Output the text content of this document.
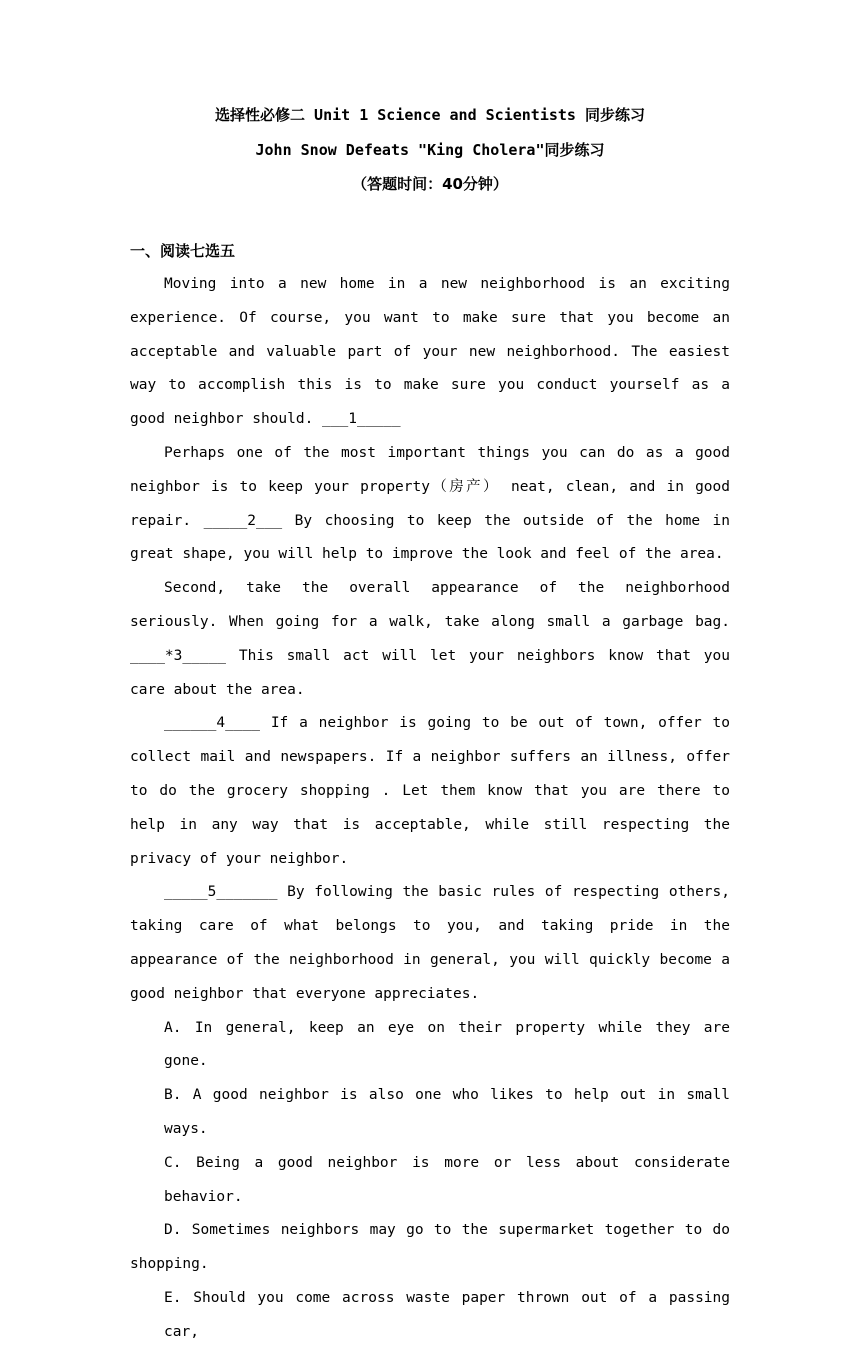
选择性必修二 Unit 1 Science and Scientists 同步练习
John Snow Defeats "King Cholera"同步练习
（答题时间：40分钟）
一、阅读七选五

Moving into a new home in a new neighborhood is an exciting experience. Of course, you want to make sure that you become an acceptable and valuable part of your new neighborhood. The easiest way to accomplish this is to make sure you conduct yourself as a good neighbor should. ___1_____

Perhaps one of the most important things you can do as a good neighbor is to keep your property（房产） neat, clean, and in good repair. _____2___ By choosing to keep the outside of the home in great shape, you will help to improve the look and feel of the area.

Second, take the overall appearance of the neighborhood seriously. When going for a walk, take along small a garbage bag. ____*3_____ This small act will let your neighbors know that you care about the area.

______4____ If a neighbor is going to be out of town, offer to collect mail and newspapers. If a neighbor suffers an illness, offer to do the grocery shopping . Let them know that you are there to help in any way that is acceptable, while still respecting the privacy of your neighbor.

_____5_______ By following the basic rules of respecting others, taking care of what belongs to you, and taking pride in the appearance of the neighborhood in general, you will quickly become a good neighbor that everyone appreciates.

A. In general, keep an eye on their property while they are gone.

B. A good neighbor is also one who likes to help out in small ways.

C. Being a good neighbor is more or less about considerate behavior.

D. Sometimes neighbors may go to the supermarket together to do shopping.

E. Should you come across waste paper thrown out of a passing car,
